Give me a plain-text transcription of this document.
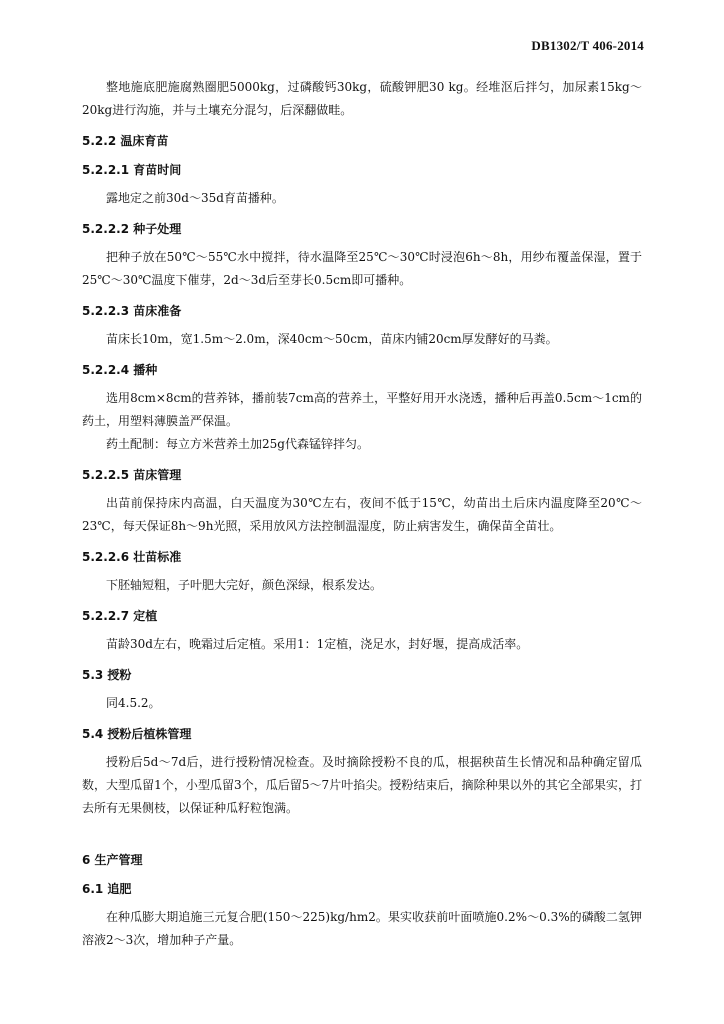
DB1302/T 406-2014

整地施底肥施腐熟圈肥5000kg，过磷酸钙30kg，硫酸钾肥30 kg。经堆沤后拌匀，加尿素15kg～20kg进行沟施，并与土壤充分混匀，后深翻做畦。

5.2.2 温床育苗
5.2.2.1 育苗时间

露地定之前30d～35d育苗播种。

5.2.2.2 种子处理

把种子放在50℃～55℃水中搅拌，待水温降至25℃～30℃时浸泡6h～8h，用纱布覆盖保湿，置于25℃～30℃温度下催芽，2d～3d后至芽长0.5cm即可播种。

5.2.2.3 苗床准备

苗床长10m，宽1.5m～2.0m，深40cm～50cm，苗床内铺20cm厚发酵好的马粪。

5.2.2.4 播种

选用8cm×8cm的营养钵，播前装7cm高的营养土，平整好用开水浇透，播种后再盖0.5cm～1cm的药土，用塑料薄膜盖严保温。

药土配制：每立方米营养土加25g代森锰锌拌匀。

5.2.2.5 苗床管理

出苗前保持床内高温，白天温度为30℃左右，夜间不低于15℃，幼苗出土后床内温度降至20℃～23℃，每天保证8h～9h光照，采用放风方法控制温湿度，防止病害发生，确保苗全苗壮。

5.2.2.6 壮苗标准

下胚轴短粗，子叶肥大完好，颜色深绿，根系发达。

5.2.2.7 定植

苗龄30d左右，晚霜过后定植。采用1：1定植，浇足水，封好堰，提高成活率。

5.3 授粉

同4.5.2。

5.4 授粉后植株管理

授粉后5d～7d后，进行授粉情况检查。及时摘除授粉不良的瓜，根据秧苗生长情况和品种确定留瓜数，大型瓜留1个，小型瓜留3个，瓜后留5～7片叶掐尖。授粉结束后，摘除种果以外的其它全部果实，打去所有无果侧枝，以保证种瓜籽粒饱满。

6 生产管理
6.1 追肥

在种瓜膨大期追施三元复合肥(150～225)kg/hm2。果实收获前叶面喷施0.2%～0.3%的磷酸二氢钾溶液2～3次，增加种子产量。
